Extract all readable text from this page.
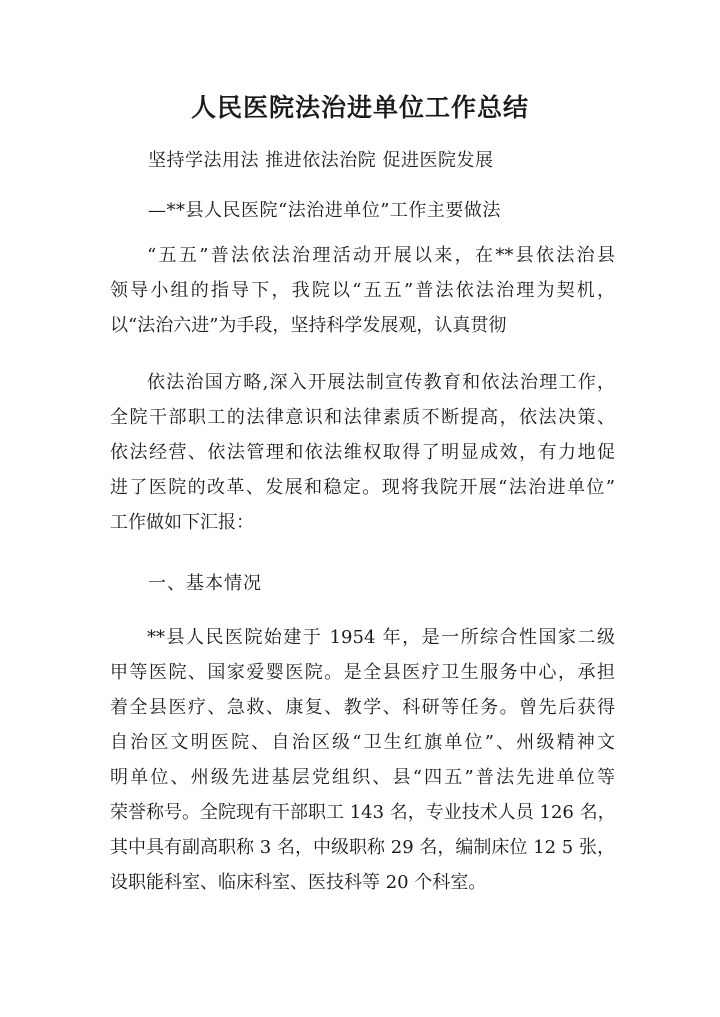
人民医院法治进单位工作总结

坚持学法用法 推进依法治院 促进医院发展

—**县人民医院“法治进单位”工作主要做法

“五五”普法依法治理活动开展以来，在**县依法治县
领导小组的指导下，我院以“五五”普法依法治理为契机，
以“法治六进”为手段，坚持科学发展观，认真贯彻
依法治国方略,深入开展法制宣传教育和依法治理工作，
全院干部职工的法律意识和法律素质不断提高，依法决策、
依法经营、依法管理和依法维权取得了明显成效，有力地促
进了医院的改革、发展和稳定。现将我院开展“法治进单位”
工作做如下汇报：

一、基本情况

**县人民医院始建于 1954 年，是一所综合性国家二级
甲等医院、国家爱婴医院。是全县医疗卫生服务中心，承担
着全县医疗、急救、康复、教学、科研等任务。曾先后获得
自治区文明医院、自治区级“卫生红旗单位”、州级精神文
明单位、州级先进基层党组织、县“四五”普法先进单位等
荣誉称号。全院现有干部职工 143 名，专业技术人员 126 名，
其中具有副高职称 3 名，中级职称 29 名，编制床位 12 5 张，
设职能科室、临床科室、医技科等 20 个科室。
